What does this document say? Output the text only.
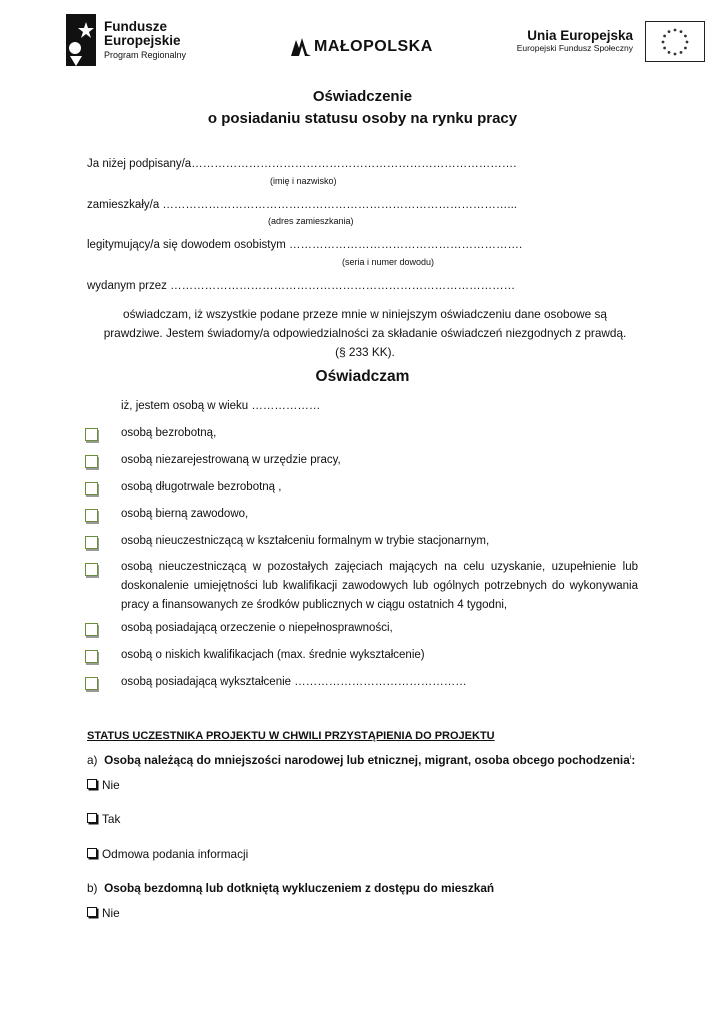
Fundusze
Europejskie
Program Regionalny
MAŁOPOLSKA
Unia Europejska
Europejski Fundusz Społeczny
Oświadczenie
o posiadaniu statusu osoby na rynku pracy
Ja niżej podpisany/a………………………………………………………………………….
(imię i nazwisko)
zamieszkały/a ………………………………………………………………………………...
(adres zamieszkania)
legitymujący/a się dowodem osobistym …………………………………………………….
(seria i numer dowodu)
wydanym przez ………………………………………………………………………………
oświadczam, iż wszystkie podane przeze mnie w niniejszym oświadczeniu dane osobowe są
prawdziwe. Jestem świadomy/a odpowiedzialności za składanie oświadczeń niezgodnych z prawdą.
(§ 233 KK).
Oświadczam
iż, jestem osobą w wieku ………………
osobą bezrobotną,
osobą niezarejestrowaną w urzędzie pracy,
osobą długotrwale bezrobotną ,
osobą bierną zawodowo,
osobą nieuczestniczącą w kształceniu formalnym w trybie stacjonarnym,
osobą nieuczestniczącą w pozostałych zajęciach mających na celu uzyskanie, uzupełnienie lub doskonalenie umiejętności lub kwalifikacji zawodowych lub ogólnych potrzebnych do wykonywania pracy a finansowanych ze środków publicznych w ciągu ostatnich 4 tygodni,
osobą posiadającą orzeczenie o niepełnosprawności,
osobą o niskich kwalifikacjach (max. średnie wykształcenie)
osobą posiadającą wykształcenie ………………………………………
STATUS UCZESTNIKA PROJEKTU W CHWILI PRZYSTĄPIENIA DO PROJEKTU
a) Osobą należącą do mniejszości narodowej lub etnicznej, migrant, osoba obcego pochodzenia$^i$:
Nie
Tak
Odmowa podania informacji
b) Osobą bezdomną lub dotkniętą wykluczeniem z dostępu do mieszkań
Nie
